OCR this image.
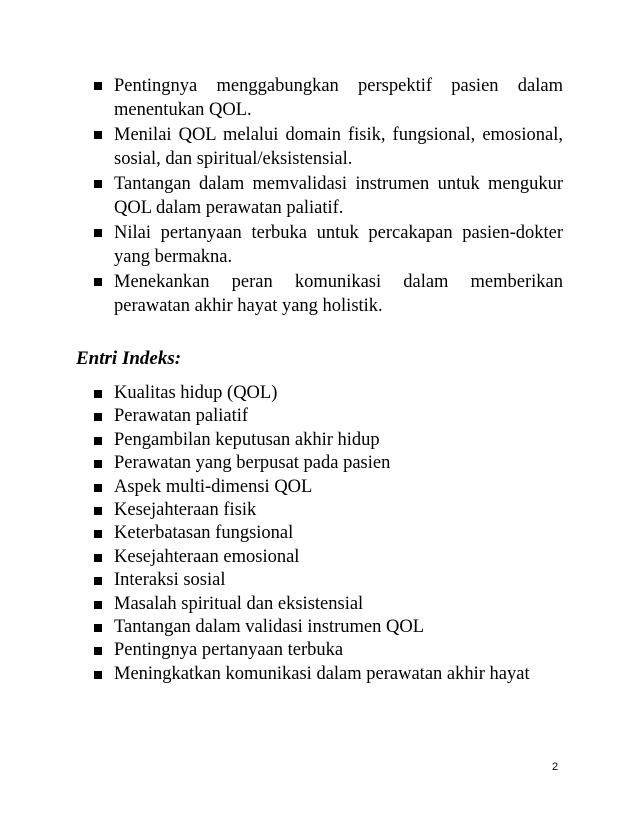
Pentingnya menggabungkan perspektif pasien dalam menentukan QOL.
Menilai QOL melalui domain fisik, fungsional, emosional, sosial, dan spiritual/eksistensial.
Tantangan dalam memvalidasi instrumen untuk mengukur QOL dalam perawatan paliatif.
Nilai pertanyaan terbuka untuk percakapan pasien-dokter yang bermakna.
Menekankan peran komunikasi dalam memberikan perawatan akhir hayat yang holistik.
Entri Indeks:
Kualitas hidup (QOL)
Perawatan paliatif
Pengambilan keputusan akhir hidup
Perawatan yang berpusat pada pasien
Aspek multi-dimensi QOL
Kesejahteraan fisik
Keterbatasan fungsional
Kesejahteraan emosional
Interaksi sosial
Masalah spiritual dan eksistensial
Tantangan dalam validasi instrumen QOL
Pentingnya pertanyaan terbuka
Meningkatkan komunikasi dalam perawatan akhir hayat
2
